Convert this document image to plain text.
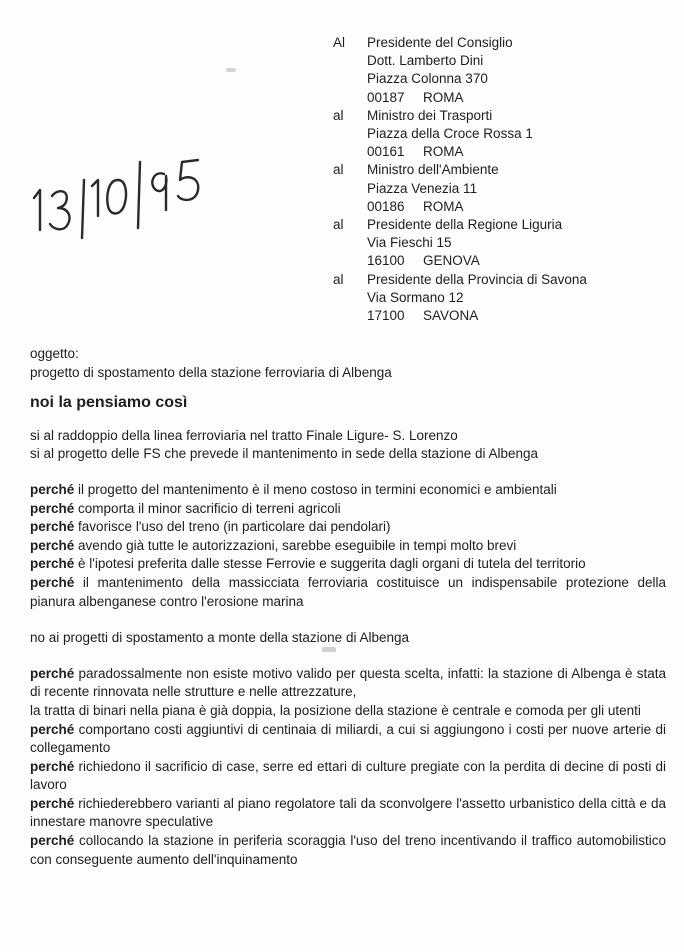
Al Presidente del Consiglio
Dott. Lamberto Dini
Piazza Colonna 370
00187 ROMA
al Ministro dei Trasporti
Piazza della Croce Rossa 1
00161 ROMA
al Ministro dell'Ambiente
Piazza Venezia 11
00186 ROMA
al Presidente della Regione Liguria
Via Fieschi 15
16100 GENOVA
al Presidente della Provincia di Savona
Via Sormano 12
17100 SAVONA
oggetto:
progetto di spostamento della stazione ferroviaria di Albenga
noi la pensiamo così
si al raddoppio della linea ferroviaria nel tratto Finale Ligure- S. Lorenzo
si al progetto delle FS che prevede il mantenimento in sede della stazione di Albenga
perché il progetto del mantenimento è il meno costoso in termini economici e ambientali
perché comporta il minor sacrificio di terreni agricoli
perché favorisce l'uso del treno (in particolare dai pendolari)
perché avendo già tutte le autorizzazioni, sarebbe eseguibile in tempi molto brevi
perché è l'ipotesi preferita dalle stesse Ferrovie e suggerita dagli organi di tutela del territorio
perché il mantenimento della massicciata ferroviaria costituisce un indispensabile protezione della pianura albenganese contro l'erosione marina
no ai progetti di spostamento a monte della stazione di Albenga
perché paradossalmente non esiste motivo valido per questa scelta, infatti: la stazione di Albenga è stata di recente rinnovata nelle strutture e nelle attrezzature,
la tratta di binari nella piana è già doppia, la posizione della stazione è centrale e comoda per gli utenti
perché comportano costi aggiuntivi di centinaia di miliardi, a cui si aggiungono i costi per nuove arterie di collegamento
perché richiedono il sacrificio di case, serre ed ettari di culture pregiate con la perdita di decine di posti di lavoro
perché richiederebbero varianti al piano regolatore tali da sconvolgere l'assetto urbanistico della città e da innestare manovre speculative
perché collocando la stazione in periferia scoraggia l'uso del treno incentivando il traffico automobilistico con conseguente aumento dell'inquinamento
